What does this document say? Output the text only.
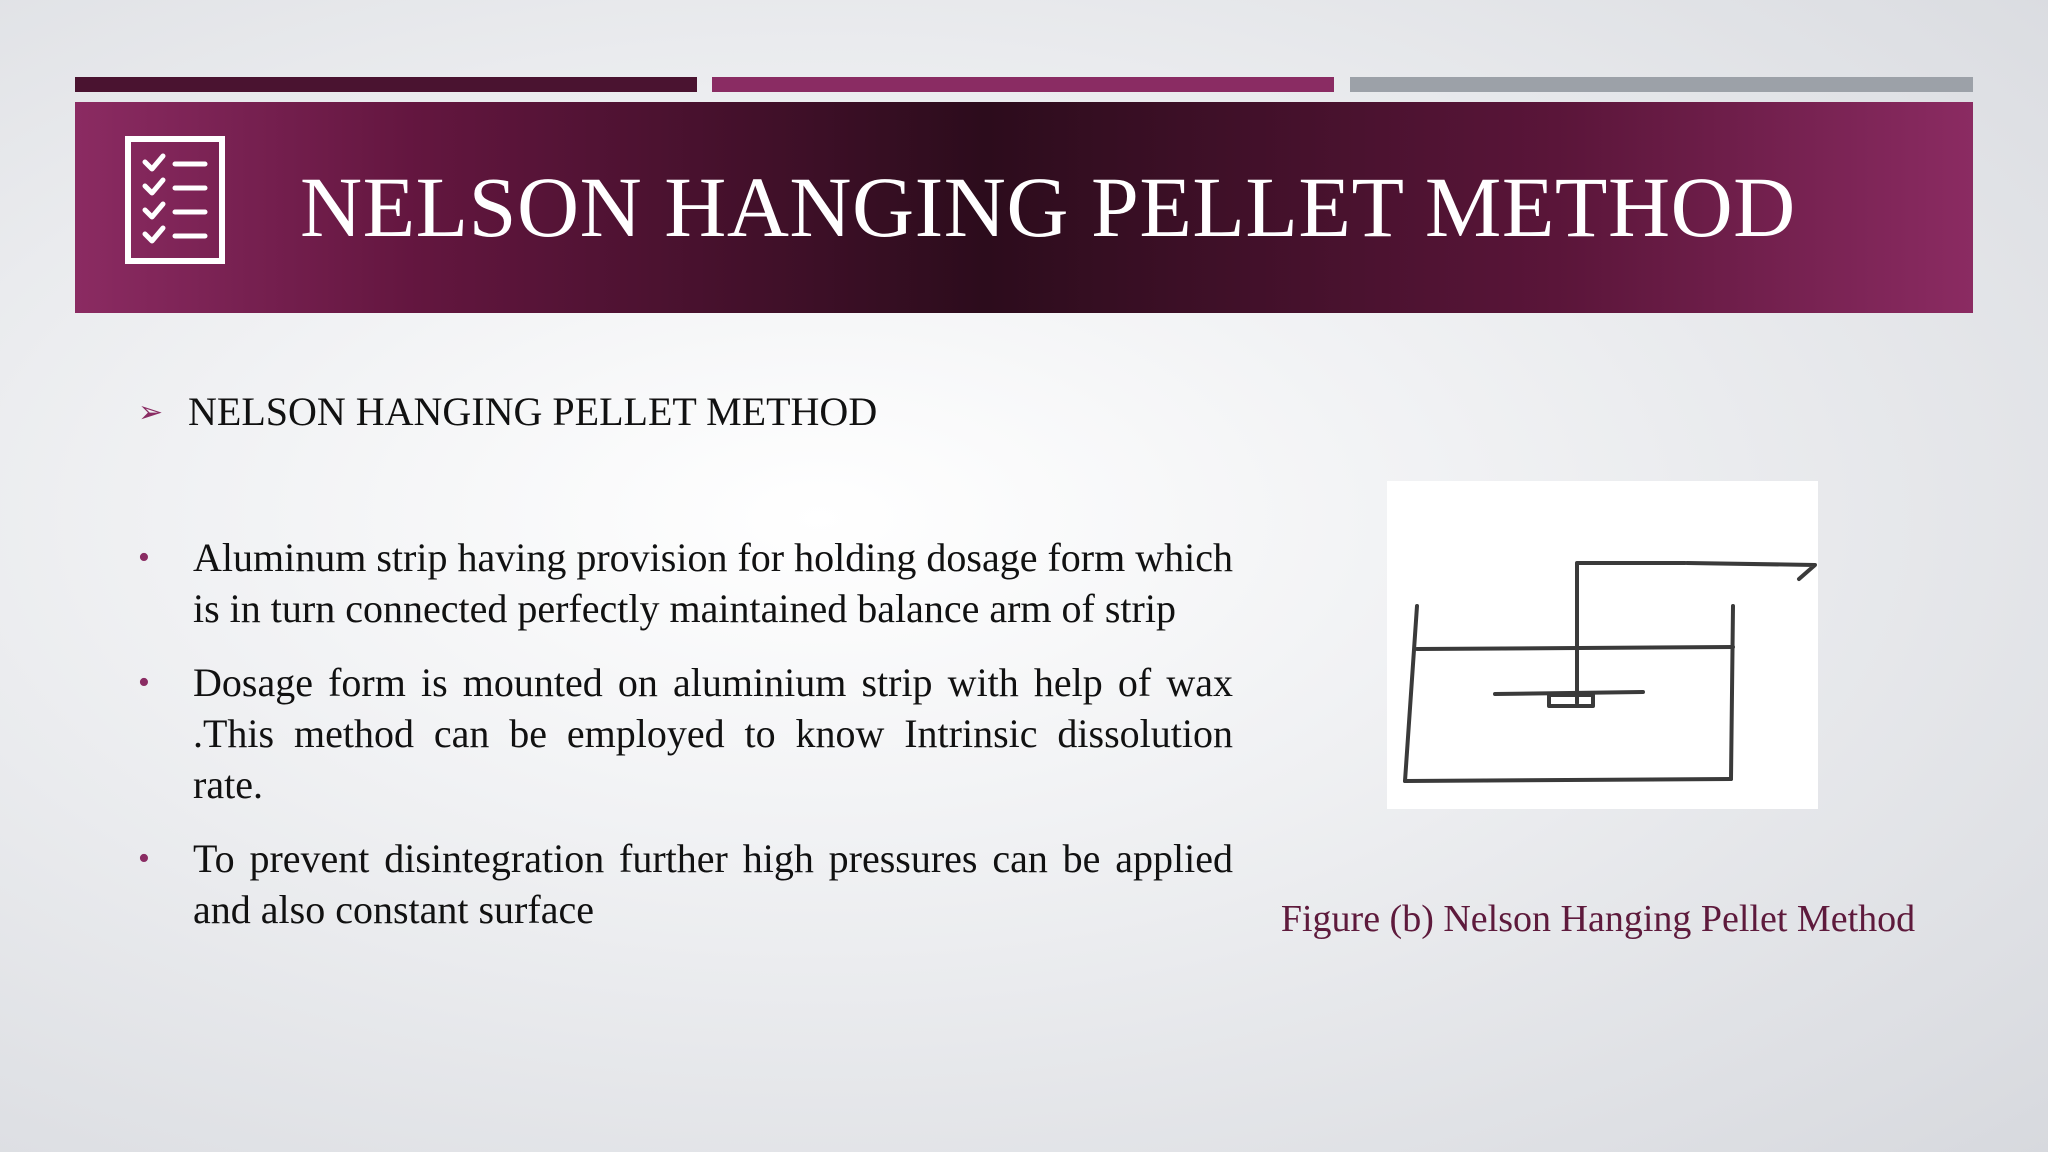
NELSON HANGING PELLET METHOD
➢ NELSON HANGING PELLET METHOD
• Aluminum strip having provision for holding dosage form which is in turn connected perfectly maintained balance arm of strip
• Dosage form is mounted on aluminium strip with help of wax .This method can be employed to know Intrinsic dissolution rate.
• To prevent disintegration further high pressures can be applied and also constant surface	Figure (b) Nelson Hanging Pellet Method
